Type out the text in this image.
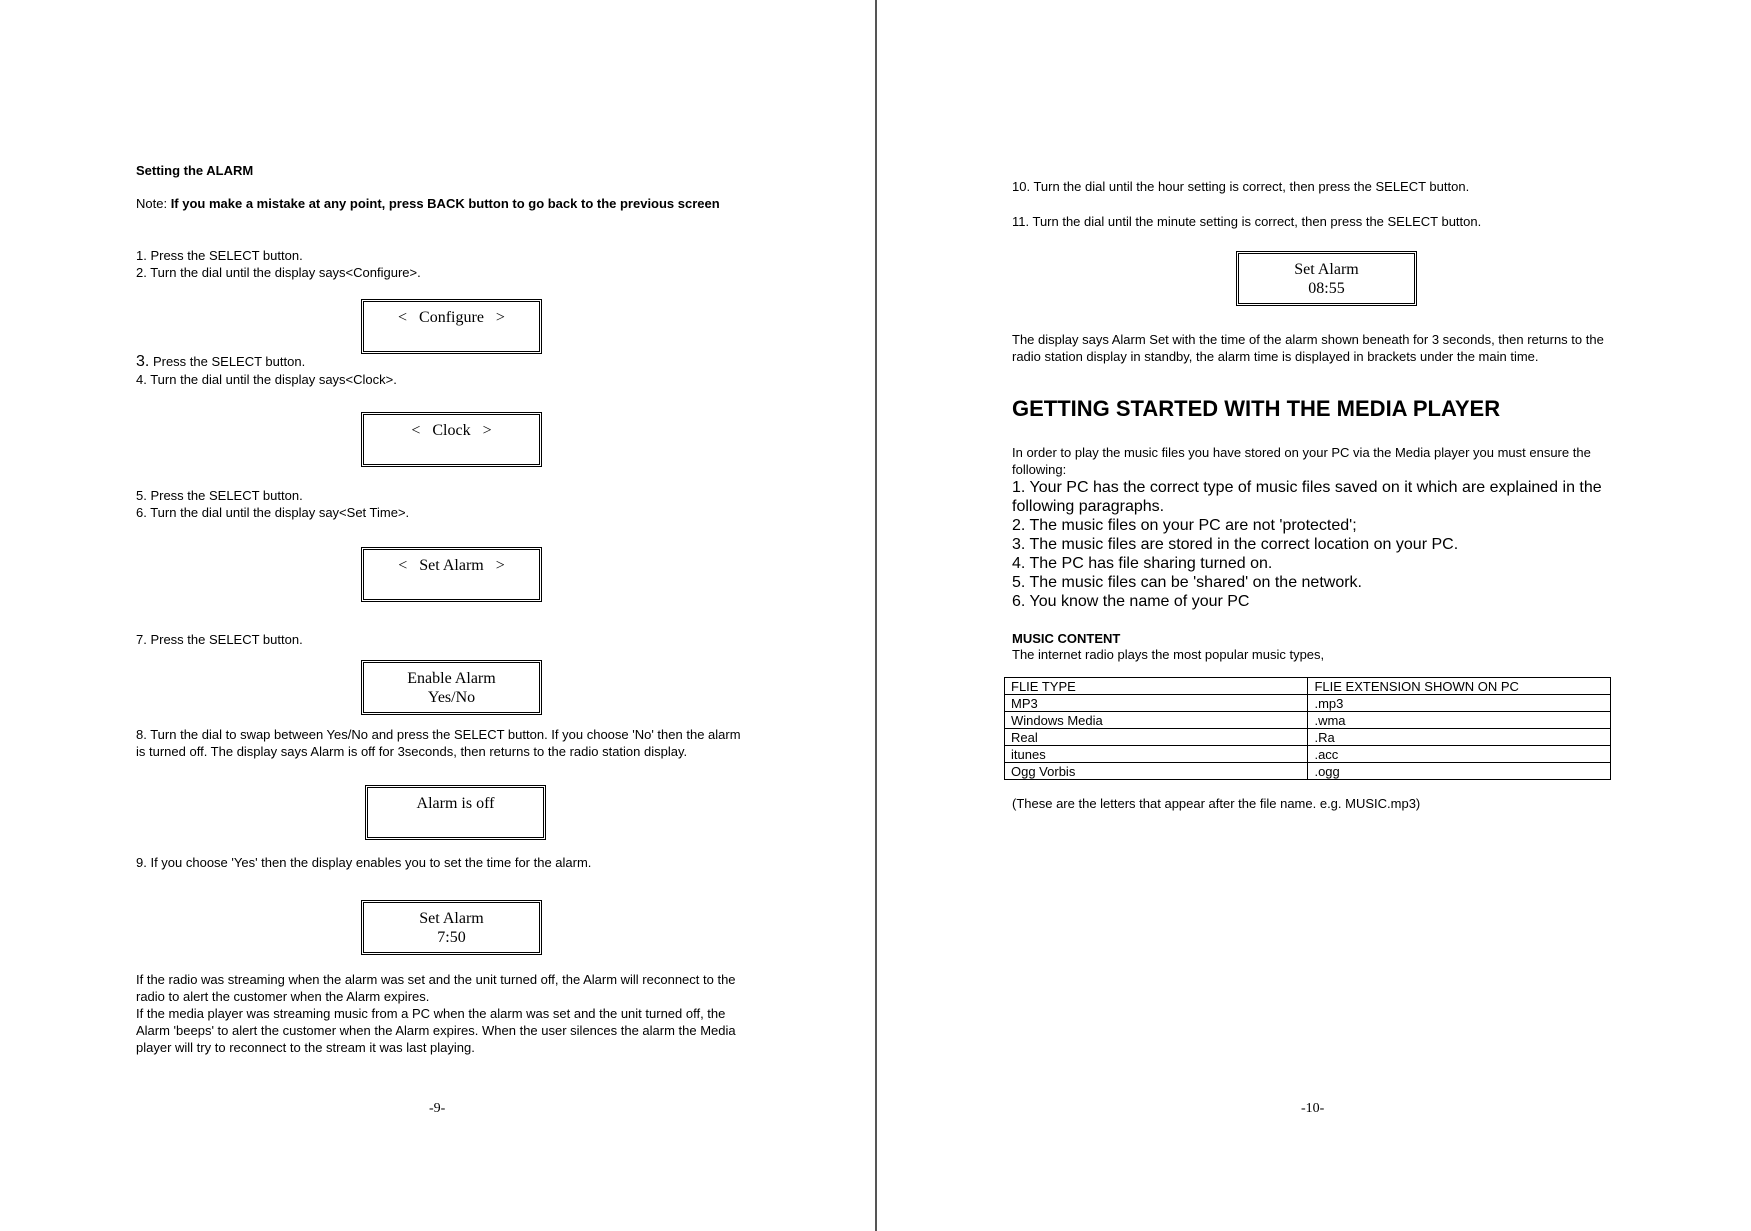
Setting the ALARM
Note: If you make a mistake at any point, press BACK button to go back to the previous screen
1. Press the SELECT button.
2. Turn the dial until the display says<Configure>.
<   Configure   >
3. Press the SELECT button.
4. Turn the dial until the display says<Clock>.
<   Clock   >
5. Press the SELECT button.
6. Turn the dial until the display say<Set Time>.
<   Set Alarm   >
7. Press the SELECT button.
Enable Alarm
Yes/No
8. Turn the dial to swap between Yes/No and press the SELECT button. If you choose 'No' then the alarm is turned off. The display says Alarm is off for 3seconds, then returns to the radio station display.
Alarm is off
9. If you choose 'Yes' then the display enables you to set the time for the alarm.
Set Alarm
7:50
If the radio was streaming when the alarm was set and the unit turned off, the Alarm will reconnect to the radio to alert the customer when the Alarm expires.
If the media player was streaming music from a PC when the alarm was set and the unit turned off, the Alarm 'beeps' to alert the customer when the Alarm expires. When the user silences the alarm the Media player will try to reconnect to the stream it was last playing.
-9-
10. Turn the dial until the hour setting is correct, then press the SELECT button.
11. Turn the dial until the minute setting is correct, then press the SELECT button.
Set Alarm
08:55
The display says Alarm Set with the time of the alarm shown beneath for 3 seconds, then returns to the radio station display in standby, the alarm time is displayed in brackets under the main time.
GETTING STARTED WITH THE MEDIA PLAYER
In order to play the music files you have stored on your PC via the Media player you must ensure the following:
1. Your PC has the correct type of music files saved on it which are explained in the following paragraphs.
2. The music files on your PC are not 'protected';
3. The music files are stored in the correct location on your PC.
4. The PC has file sharing turned on.
5. The music files can be 'shared' on the network.
6. You know the name of your PC
MUSIC CONTENT
The internet radio plays the most popular music types,
FLIE TYPE	FLIE EXTENSION SHOWN ON PC
MP3	.mp3
Windows Media	.wma
Real	.Ra
itunes	.acc
Ogg Vorbis	.ogg
(These are the letters that appear after the file name. e.g. MUSIC.mp3)
-10-
